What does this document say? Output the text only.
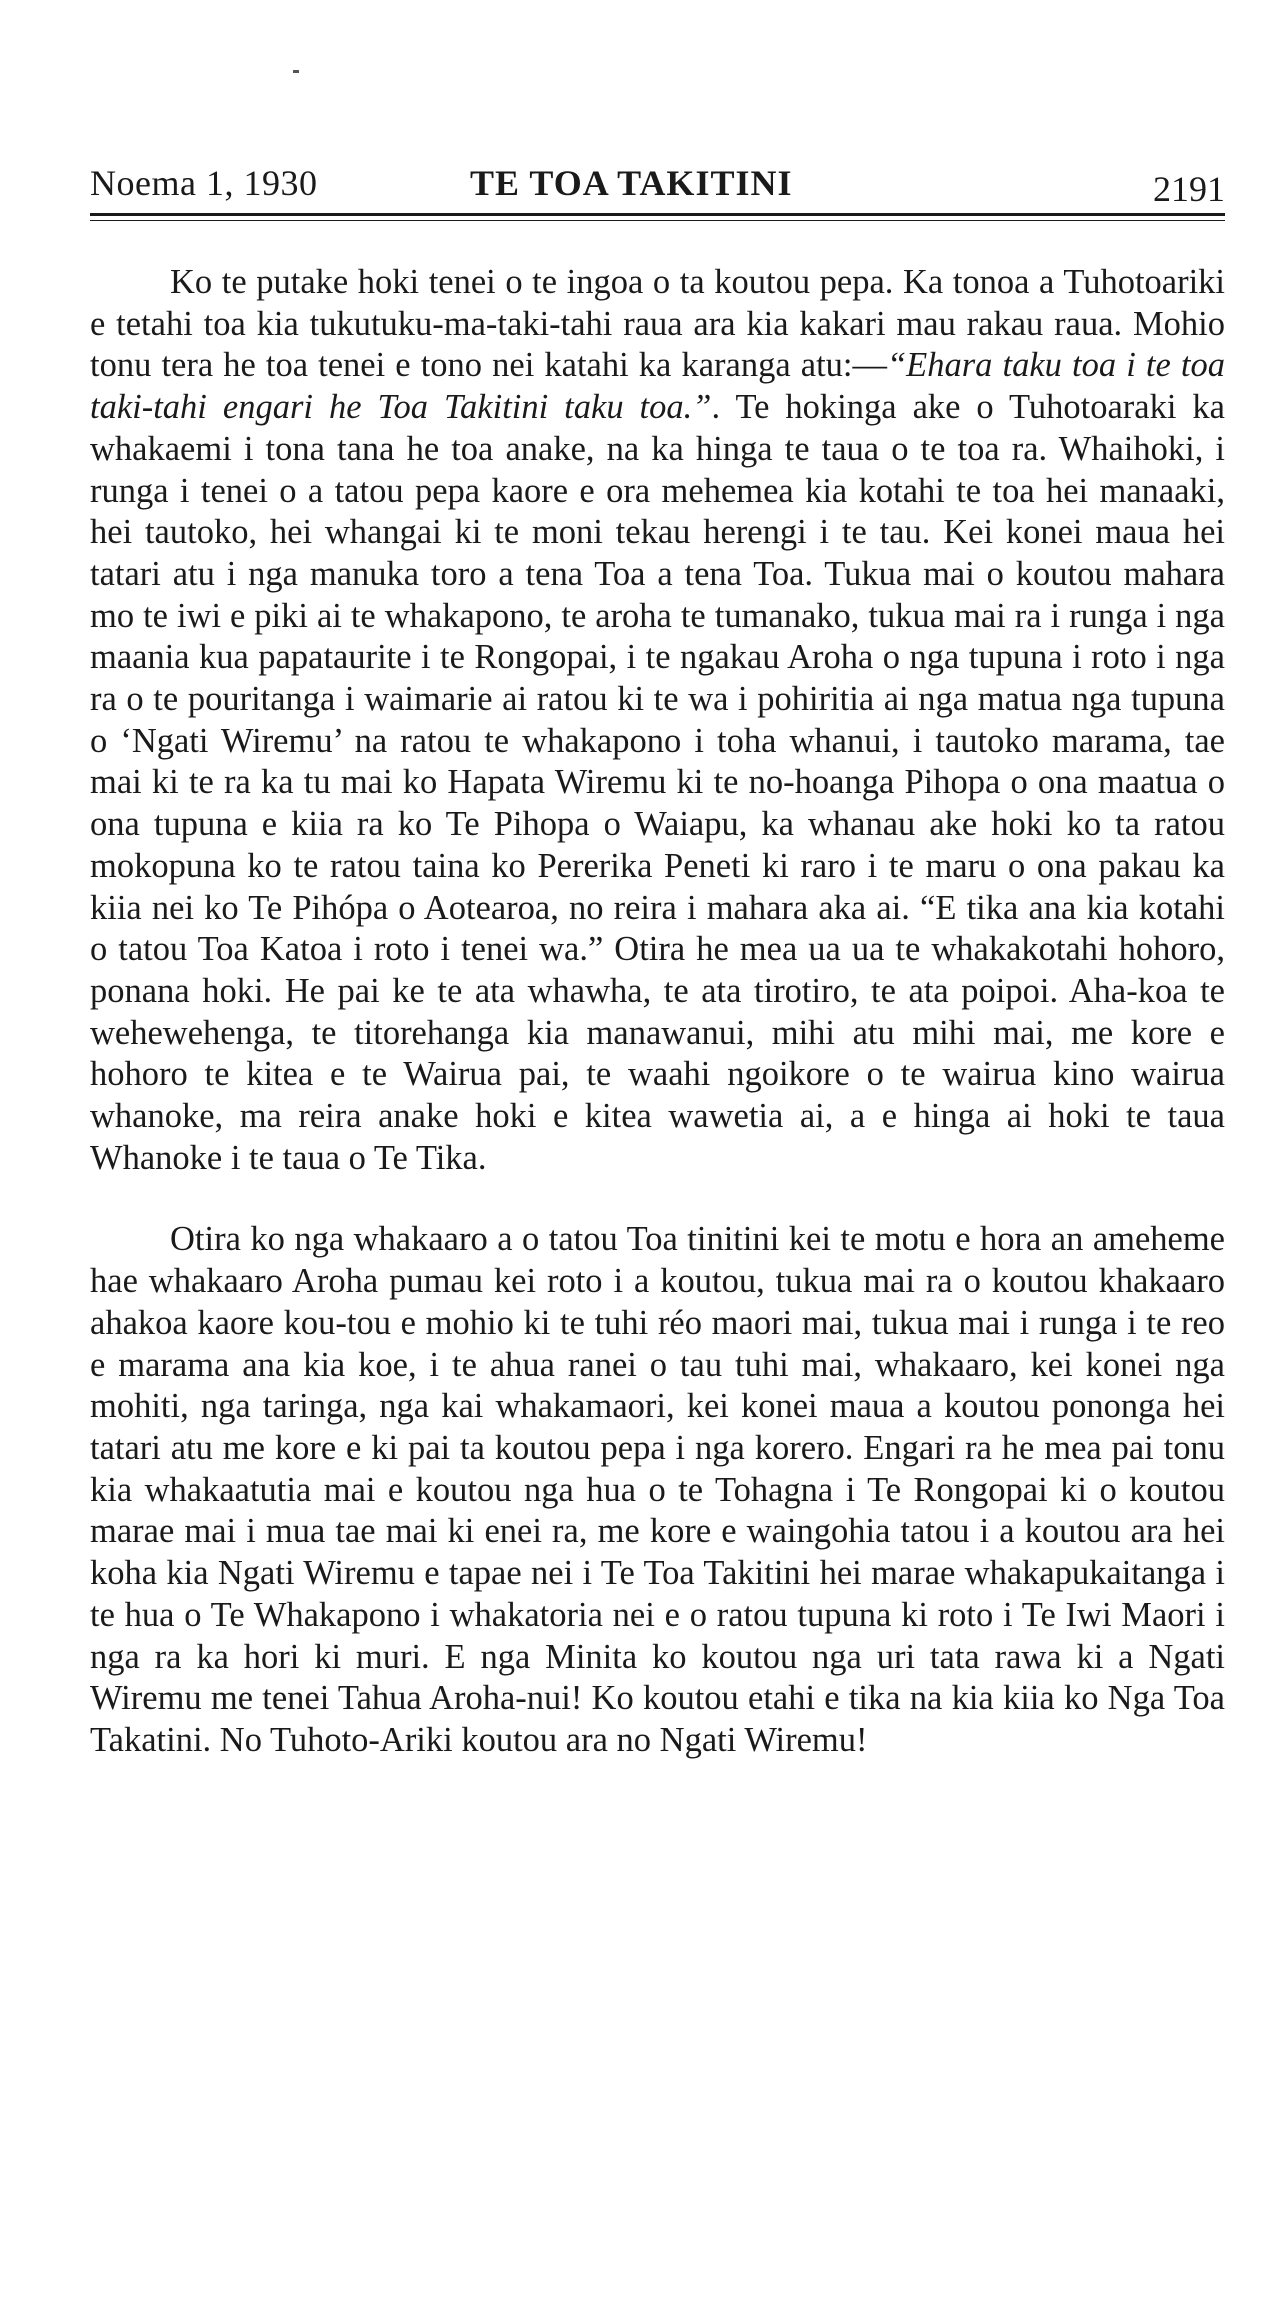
Noema 1, 1930	TE TOA TAKITINI	2191

Ko te putake hoki tenei o te ingoa o ta koutou pepa. Ka tonoa a Tuhotoariki e tetahi toa kia tukutuku-ma-taki-tahi raua ara kia kakari mau rakau raua. Mohio tonu tera he toa tenei e tono nei katahi ka karanga atu:—“Ehara taku toa i te toa taki-tahi engari he Toa Takitini taku toa.”. Te hokinga ake o Tuhotoaraki ka whakaemi i tona tana he toa anake, na ka hinga te taua o te toa ra. Whaihoki, i runga i tenei o a tatou pepa kaore e ora mehemea kia kotahi te toa hei manaaki, hei tautoko, hei whangai ki te moni tekau herengi i te tau. Kei konei maua hei tatari atu i nga manuka toro a tena Toa a tena Toa. Tukua mai o koutou mahara mo te iwi e piki ai te whakapono, te aroha te tumanako, tukua mai ra i runga i nga maania kua papataurite i te Rongopai, i te ngakau Aroha o nga tupuna i roto i nga ra o te pouritanga i waimarie ai ratou ki te wa i pohiritia ai nga matua nga tupuna o ‘Ngati Wiremu’ na ratou te whakapono i toha whanui, i tautoko marama, tae mai ki te ra ka tu mai ko Hapata Wiremu ki te no-hoanga Pihopa o ona maatua o ona tupuna e kiia ra ko Te Pihopa o Waiapu, ka whanau ake hoki ko ta ratou mokopuna ko te ratou taina ko Pererika Peneti ki raro i te maru o ona pakau ka kiia nei ko Te Pihópa o Aotearoa, no reira i mahara aka ai. “E tika ana kia kotahi o tatou Toa Katoa i roto i tenei wa.” Otira he mea ua ua te whakakotahi hohoro, ponana hoki. He pai ke te ata whawha, te ata tirotiro, te ata poipoi. Aha-koa te wehewehenga, te titorehanga kia manawanui, mihi atu mihi mai, me kore e hohoro te kitea e te Wairua pai, te waahi ngoikore o te wairua kino wairua whanoke, ma reira anake hoki e kitea wawetia ai, a e hinga ai hoki te taua Whanoke i te taua o Te Tika.

Otira ko nga whakaaro a o tatou Toa tinitini kei te motu e hora an ameheme hae whakaaro Aroha pumau kei roto i a koutou, tukua mai ra o koutou khakaaro ahakoa kaore kou-tou e mohio ki te tuhi réo maori mai, tukua mai i runga i te reo e marama ana kia koe, i te ahua ranei o tau tuhi mai, whakaaro, kei konei nga mohiti, nga taringa, nga kai whakamaori, kei konei maua a koutou pononga hei tatari atu me kore e ki pai ta koutou pepa i nga korero. Engari ra he mea pai tonu kia whakaatutia mai e koutou nga hua o te Tohagna i Te Rongopai ki o koutou marae mai i mua tae mai ki enei ra, me kore e waingohia tatou i a koutou ara hei koha kia Ngati Wiremu e tapae nei i Te Toa Takitini hei marae whakapukaitanga i te hua o Te Whakapono i whakatoria nei e o ratou tupuna ki roto i Te Iwi Maori i nga ra ka hori ki muri. E nga Minita ko koutou nga uri tata rawa ki a Ngati Wiremu me tenei Tahua Aroha-nui! Ko koutou etahi e tika na kia kiia ko Nga Toa Takatini. No Tuhoto-Ariki koutou ara no Ngati Wiremu!
